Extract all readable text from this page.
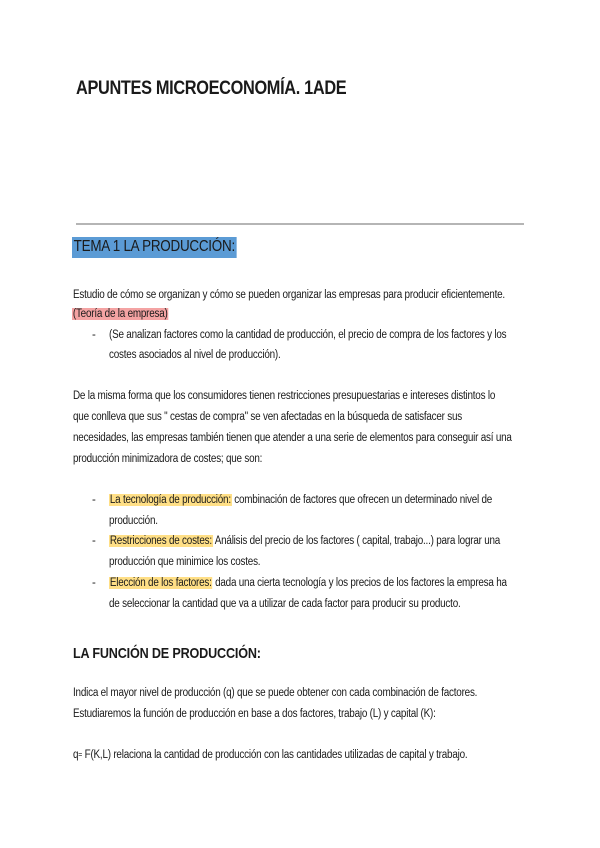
APUNTES MICROECONOMÍA. 1ADE
TEMA 1 LA PRODUCCIÓN:
Estudio de cómo se organizan y cómo se pueden organizar las empresas para producir eficientemente.
(Teoría de la empresa)
- (Se analizan factores como la cantidad de producción, el precio de compra de los factores y los
costes asociados al nivel de producción).
De la misma forma que los consumidores tienen restricciones presupuestarias e intereses distintos lo
que conlleva que sus " cestas de compra" se ven afectadas en la búsqueda de satisfacer sus
necesidades, las empresas también tienen que atender a una serie de elementos para conseguir así una
producción minimizadora de costes; que son:
- La tecnología de producción: combinación de factores que ofrecen un determinado nivel de
producción.
- Restricciones de costes: Análisis del precio de los factores ( capital, trabajo...) para lograr una
producción que minimice los costes.
- Elección de los factores: dada una cierta tecnología y los precios de los factores la empresa ha
de seleccionar la cantidad que va a utilizar de cada factor para producir su producto.
LA FUNCIÓN DE PRODUCCIÓN:
Indica el mayor nivel de producción (q) que se puede obtener con cada combinación de factores.
Estudiaremos la función de producción en base a dos factores, trabajo (L) y capital (K):
q= F(K,L) relaciona la cantidad de producción con las cantidades utilizadas de capital y trabajo.
